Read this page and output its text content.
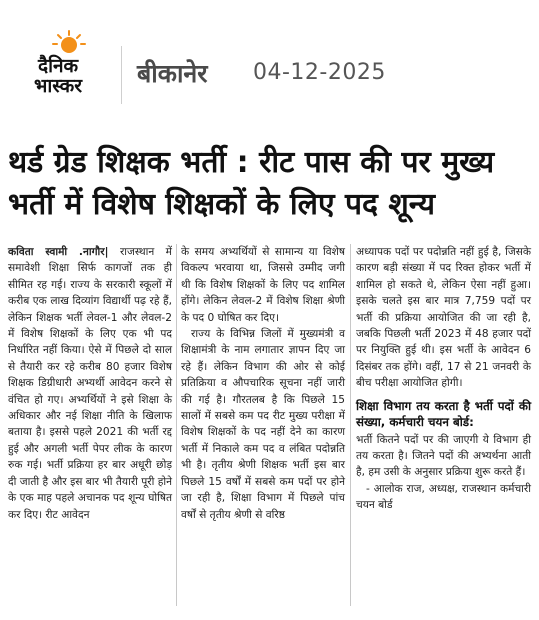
दैनिक
भास्कर बीकानेर 04-12-2025
थर्ड ग्रेड शिक्षक भर्ती : रीट पास की पर मुख्य
भर्ती में विशेष शिक्षकों के लिए पद शून्य

कविता स्वामी .नागौर| राजस्थान में समावेशी शिक्षा सिर्फ कागजों तक ही सीमित रह गई। राज्य के सरकारी स्कूलों में करीब एक लाख दिव्यांग विद्यार्थी पढ़ रहे हैं, लेकिन शिक्षक भर्ती लेवल-1 और लेवल-2 में विशेष शिक्षकों के लिए एक भी पद निर्धारित नहीं किया। ऐसे में पिछले दो साल से तैयारी कर रहे करीब 80 हजार विशेष शिक्षक डिग्रीधारी अभ्यर्थी आवेदन करने से वंचित हो गए। अभ्यर्थियों ने इसे शिक्षा के अधिकार और नई शिक्षा नीति के खिलाफ बताया है। इससे पहले 2021 की भर्ती रद्द हुई और अगली भर्ती पेपर लीक के कारण रुक गई। भर्ती प्रक्रिया हर बार अधूरी छोड़ दी जाती है और इस बार भी तैयारी पूरी होने के एक माह पहले अचानक पद शून्य घोषित कर दिए। रीट आवेदन

के समय अभ्यर्थियों से सामान्य या विशेष विकल्प भरवाया था, जिससे उम्मीद जगी थी कि विशेष शिक्षकों के लिए पद शामिल होंगे। लेकिन लेवल-2 में विशेष शिक्षा श्रेणी के पद 0 घोषित कर दिए।

राज्य के विभिन्न जिलों में मुख्यमंत्री व शिक्षामंत्री के नाम लगातार ज्ञापन दिए जा रहे हैं। लेकिन विभाग की ओर से कोई प्रतिक्रिया व औपचारिक सूचना नहीं जारी की गई है। गौरतलब है कि पिछले 15 सालों में सबसे कम पद रीट मुख्य परीक्षा में विशेष शिक्षकों के पद नहीं देने का कारण भर्ती में निकाले कम पद व लंबित पदोन्नति भी है। तृतीय श्रेणी शिक्षक भर्ती इस बार पिछले 15 वर्षों में सबसे कम पदों पर होने जा रही है, शिक्षा विभाग में पिछले पांच वर्षों से तृतीय श्रेणी से वरिष्ठ

अध्यापक पदों पर पदोन्नति नहीं हुई है, जिसके कारण बड़ी संख्या में पद रिक्त होकर भर्ती में शामिल हो सकते थे, लेकिन ऐसा नहीं हुआ। इसके चलते इस बार मात्र 7,759 पदों पर भर्ती की प्रक्रिया आयोजित की जा रही है, जबकि पिछली भर्ती 2023 में 48 हजार पदों पर नियुक्ति हुई थी। इस भर्ती के आवेदन 6 दिसंबर तक होंगे। वहीं, 17 से 21 जनवरी के बीच परीक्षा आयोजित होगी।

शिक्षा विभाग तय करता है भर्ती पदों की संख्या, कर्मचारी चयन बोर्ड:

भर्ती कितने पदों पर की जाएगी ये विभाग ही तय करता है। जितने पदों की अभ्यर्थना आती है, हम उसी के अनुसार प्रक्रिया शुरू करते हैं।

- आलोक राज, अध्यक्ष, राजस्थान कर्मचारी चयन बोर्ड
